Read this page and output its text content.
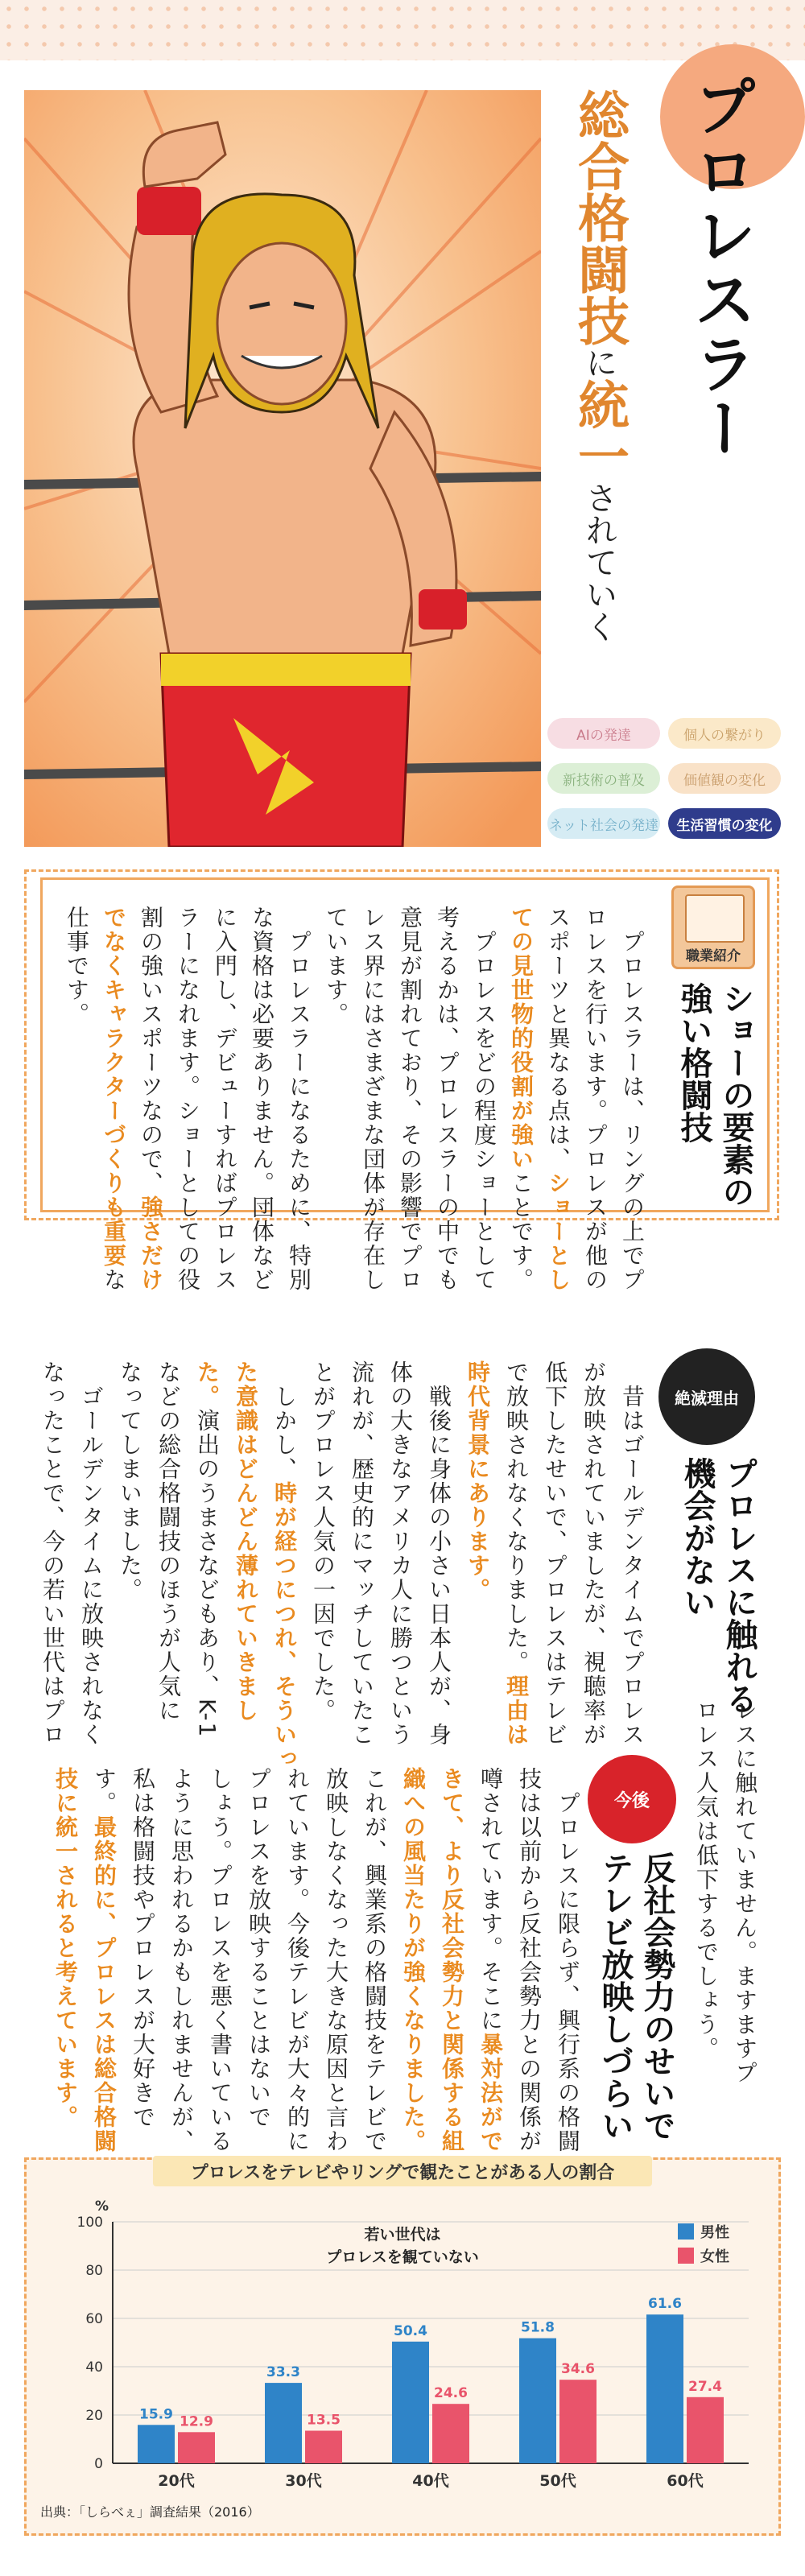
プロレスラー
総合格闘技に統一されていく
AIの発達	個人の繋がり
新技術の普及	価値観の変化
ネット社会の発達	生活習慣の変化
職業紹介
ショーの要素の
強い格闘技
　プロレスラーは、リングの上でプ
ロレスを行います。プロレスが他の
スポーツと異なる点は、ショーとし
ての見世物的役割が強いことです。
　プロレスをどの程度ショーとして
考えるかは、プロレスラーの中でも
意見が割れており、その影響でプロ
レス界にはさまざまな団体が存在し
ています。
　プロレスラーになるために、特別
な資格は必要ありません。団体など
に入門し、デビューすればプロレス
ラーになれます。ショーとしての役
割の強いスポーツなので、強さだけ
でなくキャラクターづくりも重要な
仕事です。
絶滅理由
プロレスに触れる
機会がない
　昔はゴールデンタイムでプロレス
が放映されていましたが、視聴率が
低下したせいで、プロレスはテレビ
で放映されなくなりました。理由は
時代背景にあります。
　戦後に身体の小さい日本人が、身
体の大きなアメリカ人に勝つという
流れが、歴史的にマッチしていたこ
とがプロレス人気の一因でした。
　しかし、時が経つにつれ、そういっ
た意識はどんどん薄れていきまし
た。演出のうまさなどもあり、K-1
などの総合格闘技のほうが人気に
なってしまいました。
　ゴールデンタイムに放映されなく
なったことで、今の若い世代はプロ
レスに触れていません。ますますプ
ロレス人気は低下するでしょう。
今後
反社会勢力のせいで
テレビ放映しづらい
　プロレスに限らず、興行系の格闘
技は以前から反社会勢力との関係が
噂されています。そこに暴対法がで
きて、より反社会勢力と関係する組
織への風当たりが強くなりました。
これが、興業系の格闘技をテレビで
放映しなくなった大きな原因と言わ
れています。今後テレビが大々的に
プロレスを放映することはないで
しょう。プロレスを悪く書いている
ように思われるかもしれませんが、
私は格闘技やプロレスが大好きで
す。最終的に、プロレスは総合格闘
技に統一されると考えています。
プロレスをテレビやリングで観たことがある人の割合
0
20
40
60
80
100
%
15.9 12.9
20代
33.3
13.5
30代
50.4
24.6
40代
51.8
34.6
50代
61.6
27.4
60代
男性
女性
若い世代は
プロレスを観ていない
出典：「しらべぇ」調査結果（2016）
